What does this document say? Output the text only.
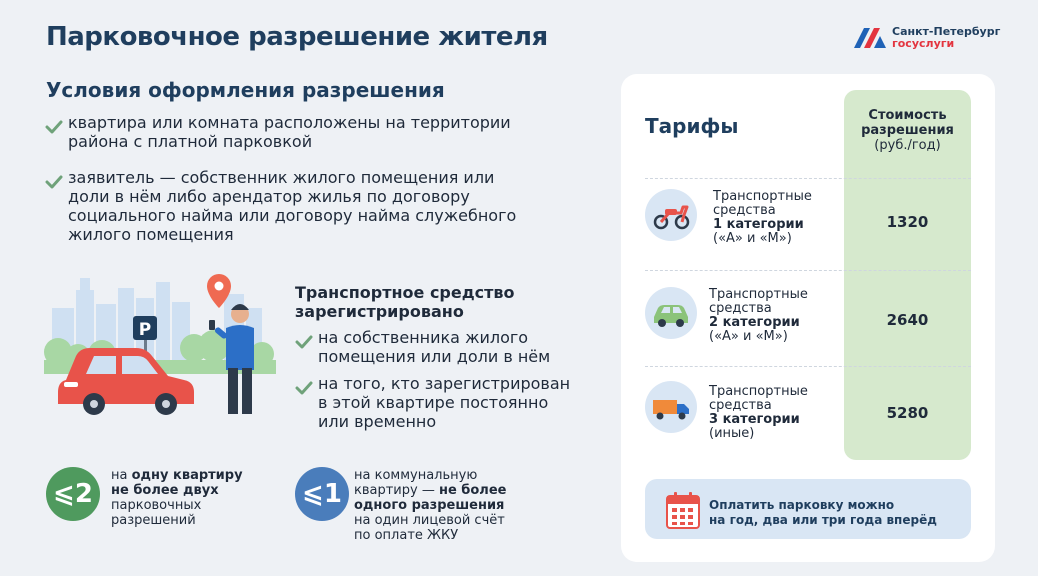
Парковочное разрешение жителя	Санкт-Петербург
госуслуги
Условия оформления разрешения
квартира или комната расположены на территории
района с платной парковкой
заявитель — собственник жилого помещения или
доли в нём либо арендатор жилья по договору
социального найма или договору найма служебного
жилого помещения
P
Транспортное средство
зарегистрировано
на собственника жилого
помещения или доли в нём
на того, кто зарегистрирован
в этой квартире постоянно
или временно
⩽2
на одну квартиру
не более двух
парковочных
разрешений
⩽1
на коммунальную
квартиру — не более
одного разрешения
на один лицевой счёт
по оплате ЖКУ
Тарифы	Стоимость
разрешения
(руб./год)
Транспортные
средства
1 категории
(«А» и «М»)
1320
Транспортные
средства
2 категории
(«А» и «М»)
2640
Транспортные
средства
3 категории
(иные)
5280
Оплатить парковку можно
на год, два или три года вперёд
